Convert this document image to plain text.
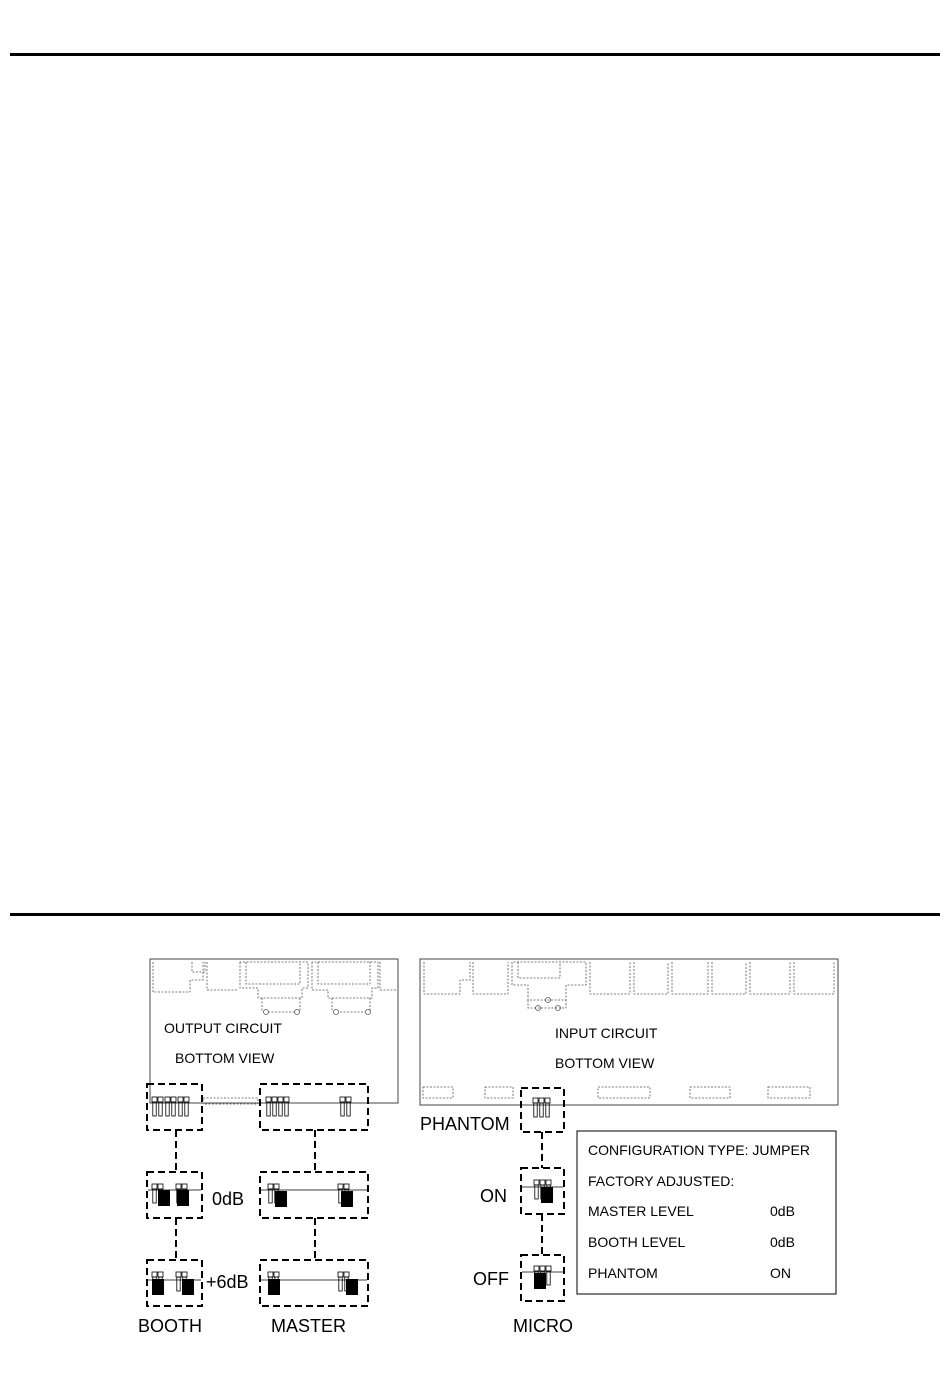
OUTPUT CIRCUIT
BOTTOM VIEW
INPUT CIRCUIT
BOTTOM VIEW
BOOTH
0dB
+6dB
MASTER
PHANTOM
ON
OFF
MICRO
CONFIGURATION TYPE: JUMPER
FACTORY ADJUSTED:
MASTER LEVEL	0dB
BOOTH LEVEL	0dB
PHANTOM	ON
